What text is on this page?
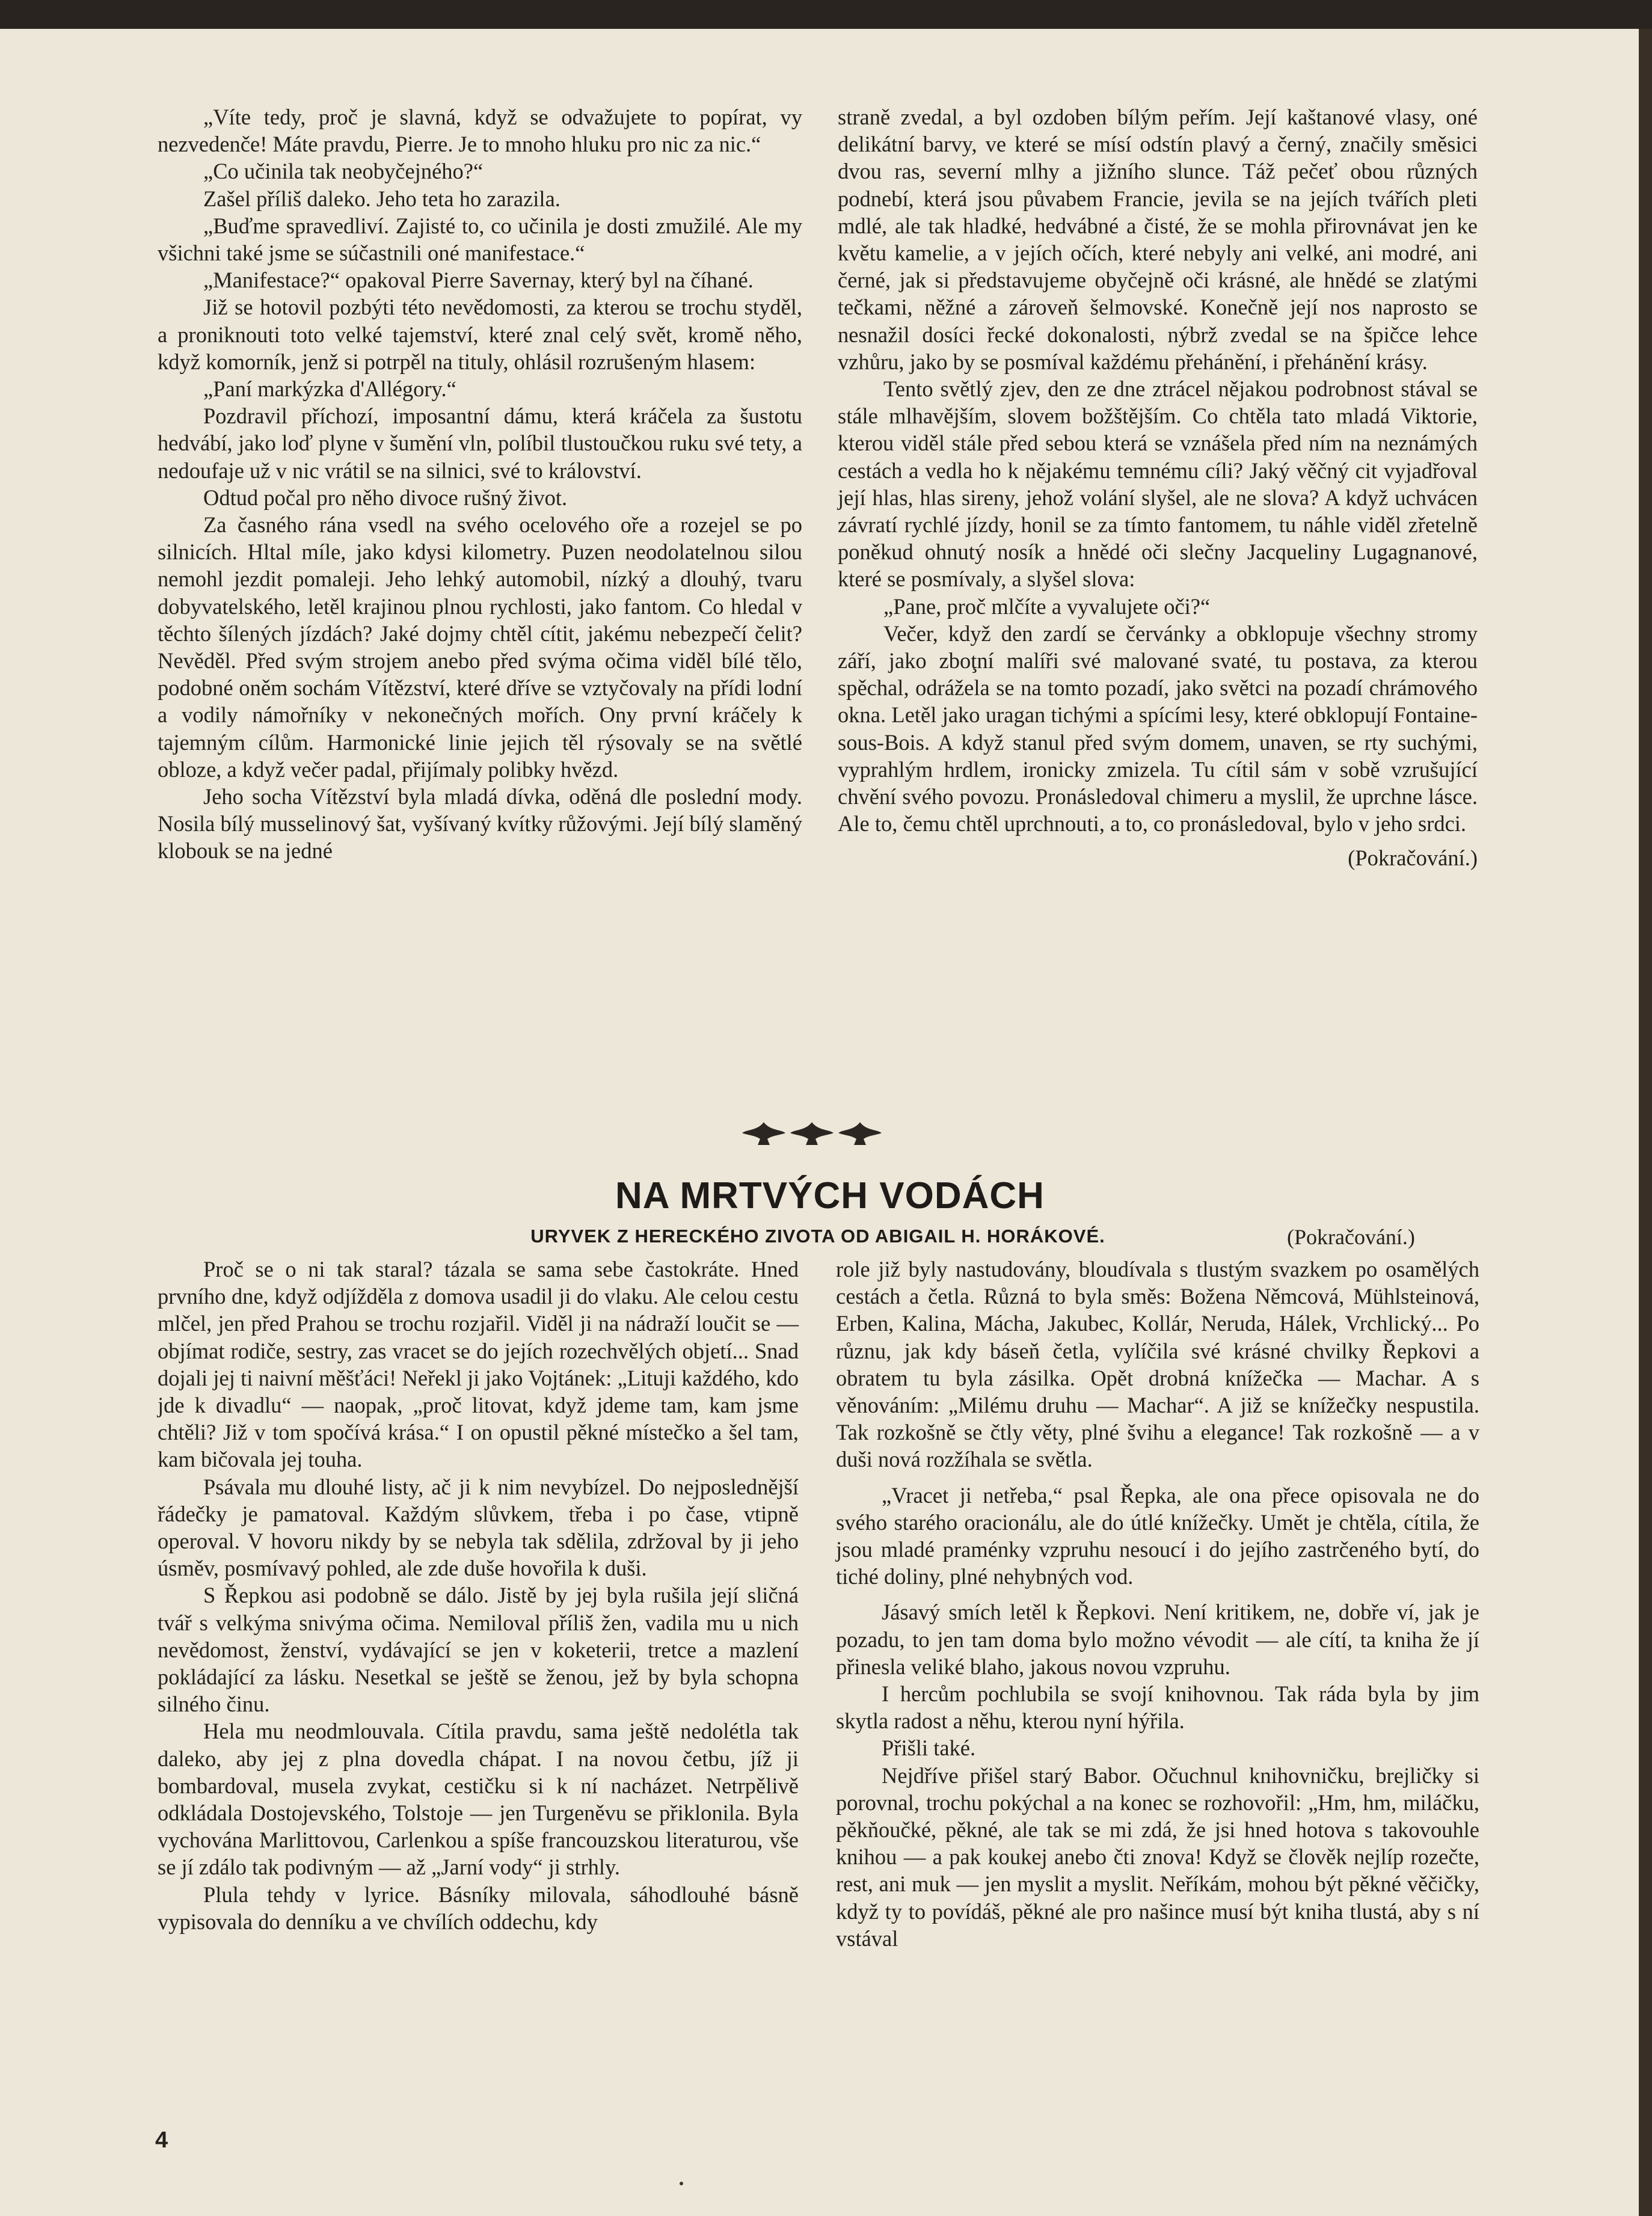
„Víte tedy, proč je slavná, když se odvažujete to popírat, vy nezvedenče! Máte pravdu, Pierre. Je to mnoho hluku pro nic za nic.“

„Co učinila tak neobyčejného?“

Zašel příliš daleko. Jeho teta ho zarazila.

„Buďme spravedliví. Zajisté to, co učinila je dosti zmužilé. Ale my všichni také jsme se súčastnili oné manifestace.“

„Manifestace?“ opakoval Pierre Savernay, který byl na číhané.

Již se hotovil pozbýti této nevědomosti, za kterou se trochu styděl, a proniknouti toto velké tajemství, které znal celý svět, kromě něho, když komorník, jenž si potrpěl na tituly, ohlásil rozrušeným hlasem:

„Paní markýzka d'Allégory.“

Pozdravil příchozí, imposantní dámu, která kráčela za šustotu hedvábí, jako loď plyne v šumění vln, políbil tlustoučkou ruku své tety, a nedoufaje už v nic vrátil se na silnici, své to království.

Odtud počal pro něho divoce rušný život.

Za časného rána vsedl na svého ocelového oře a rozejel se po silnicích. Hltal míle, jako kdysi kilometry. Puzen neodolatelnou silou nemohl jezdit pomaleji. Jeho lehký automobil, nízký a dlouhý, tvaru dobyvatelského, letěl krajinou plnou rychlosti, jako fantom. Co hledal v těchto šílených jízdách? Jaké dojmy chtěl cítit, jakému nebezpečí čelit? Nevěděl. Před svým strojem anebo před svýma očima viděl bílé tělo, podobné oněm sochám Vítězství, které dříve se vztyčovaly na přídi lodní a vodily námořníky v nekonečných mořích. Ony první kráčely k tajemným cílům. Harmonické linie jejich těl rýsovaly se na světlé obloze, a když večer padal, přijímaly polibky hvězd.

Jeho socha Vítězství byla mladá dívka, oděná dle poslední mody. Nosila bílý musselinový šat, vyšívaný kvítky růžovými. Její bílý slaměný klobouk se na jedné

straně zvedal, a byl ozdoben bílým peřím. Její kaštanové vlasy, oné delikátní barvy, ve které se mísí odstín plavý a černý, značily směsici dvou ras, severní mlhy a jižního slunce. Táž pečeť obou různých podnebí, která jsou půvabem Francie, jevila se na jejích tvářích pleti mdlé, ale tak hladké, hedvábné a čisté, že se mohla přirovnávat jen ke květu kamelie, a v jejích očích, které nebyly ani velké, ani modré, ani černé, jak si představujeme obyčejně oči krásné, ale hnědé se zlatými tečkami, něžné a zároveň šelmovské. Konečně její nos naprosto se nesnažil dosíci řecké dokonalosti, nýbrž zvedal se na špičce lehce vzhůru, jako by se posmíval každému přehánění, i přehánění krásy.

Tento světlý zjev, den ze dne ztrácel nějakou podrobnost stával se stále mlhavějším, slovem božštějším. Co chtěla tato mladá Viktorie, kterou viděl stále před sebou která se vznášela před ním na neznámých cestách a vedla ho k nějakému temnému cíli? Jaký věčný cit vyjadřoval její hlas, hlas sireny, jehož volání slyšel, ale ne slova? A když uchvácen závratí rychlé jízdy, honil se za tímto fantomem, tu náhle viděl zřetelně poněkud ohnutý nosík a hnědé oči slečny Jacqueliny Lugagnanové, které se posmívaly, a slyšel slova:

„Pane, proč mlčíte a vyvalujete oči?“

Večer, když den zardí se červánky a obklopuje všechny stromy září, jako zboţní malíři své malované svaté, tu postava, za kterou spěchal, odrážela se na tomto pozadí, jako světci na pozadí chrámového okna. Letěl jako uragan tichými a spícími lesy, které obklopují Fontaine-sous-Bois. A když stanul před svým domem, unaven, se rty suchými, vyprahlým hrdlem, ironicky zmizela. Tu cítil sám v sobě vzrušující chvění svého povozu. Pronásledoval chimeru a myslil, že uprchne lásce. Ale to, čemu chtěl uprchnouti, a to, co pronásledoval, bylo v jeho srdci.

(Pokračování.)

NA MRTVÝCH VODÁCH
URYVEK Z HERECKÉHO ZIVOTA OD ABIGAIL H. HORÁKOVÉ.	(Pokračování.)

Proč se o ni tak staral? tázala se sama sebe častokráte. Hned prvního dne, když odjížděla z domova usadil ji do vlaku. Ale celou cestu mlčel, jen před Prahou se trochu rozjařil. Viděl ji na nádraží loučit se — objímat rodiče, sestry, zas vracet se do jejích rozechvělých objetí... Snad dojali jej ti naivní měšťáci! Neřekl ji jako Vojtánek: „Lituji každého, kdo jde k divadlu“ — naopak, „proč litovat, když jdeme tam, kam jsme chtěli? Již v tom spočívá krása.“ I on opustil pěkné místečko a šel tam, kam bičovala jej touha.

Psávala mu dlouhé listy, ač ji k nim nevybízel. Do nejposlednější řádečky je pamatoval. Každým slůvkem, třeba i po čase, vtipně operoval. V hovoru nikdy by se nebyla tak sdělila, zdržoval by ji jeho úsměv, posmívavý pohled, ale zde duše hovořila k duši.

S Řepkou asi podobně se dálo. Jistě by jej byla rušila její sličná tvář s velkýma snivýma očima. Nemiloval příliš žen, vadila mu u nich nevědomost, ženství, vydávající se jen v koketerii, tretce a mazlení pokládající za lásku. Nesetkal se ještě se ženou, jež by byla schopna silného činu.

Hela mu neodmlouvala. Cítila pravdu, sama ještě nedolétla tak daleko, aby jej z plna dovedla chápat. I na novou četbu, jíž ji bombardoval, musela zvykat, cestičku si k ní nacházet. Netrpělivě odkládala Dostojevského, Tolstoje — jen Turgeněvu se přiklonila. Byla vychována Marlittovou, Carlenkou a spíše francouzskou literaturou, vše se jí zdálo tak podivným — až „Jarní vody“ ji strhly.

Plula tehdy v lyrice. Básníky milovala, sáhodlouhé básně vypisovala do denníku a ve chvílích oddechu, kdy

role již byly nastudovány, bloudívala s tlustým svazkem po osamělých cestách a četla. Různá to byla směs: Božena Němcová, Mühlsteinová, Erben, Kalina, Mácha, Jakubec, Kollár, Neruda, Hálek, Vrchlický... Po různu, jak kdy báseň četla, vylíčila své krásné chvilky Řepkovi a obratem tu byla zásilka. Opět drobná knížečka — Machar. A s věnováním: „Milému druhu — Machar“. A již se knížečky nespustila. Tak rozkošně se čtly věty, plné švihu a elegance! Tak rozkošně — a v duši nová rozžíhala se světla.

„Vracet ji netřeba,“ psal Řepka, ale ona přece opisovala ne do svého starého oracionálu, ale do útlé knížečky. Umět je chtěla, cítila, že jsou mladé praménky vzpruhu nesoucí i do jejího zastrčeného bytí, do tiché doliny, plné nehybných vod.

Jásavý smích letěl k Řepkovi. Není kritikem, ne, dobře ví, jak je pozadu, to jen tam doma bylo možno vévodit — ale cítí, ta kniha že jí přinesla veliké blaho, jakous novou vzpruhu.

I hercům pochlubila se svojí knihovnou. Tak ráda byla by jim skytla radost a něhu, kterou nyní hýřila.

Přišli také.

Nejdříve přišel starý Babor. Očuchnul knihovničku, brejličky si porovnal, trochu pokýchal a na konec se rozhovořil: „Hm, hm, miláčku, pěkňoučké, pěkné, ale tak se mi zdá, že jsi hned hotova s takovouhle knihou — a pak koukej anebo čti znova! Když se člověk nejlíp rozečte, rest, ani muk — jen myslit a myslit. Neříkám, mohou být pěkné věčičky, když ty to povídáš, pěkné ale pro našince musí být kniha tlustá, aby s ní vstával

4
